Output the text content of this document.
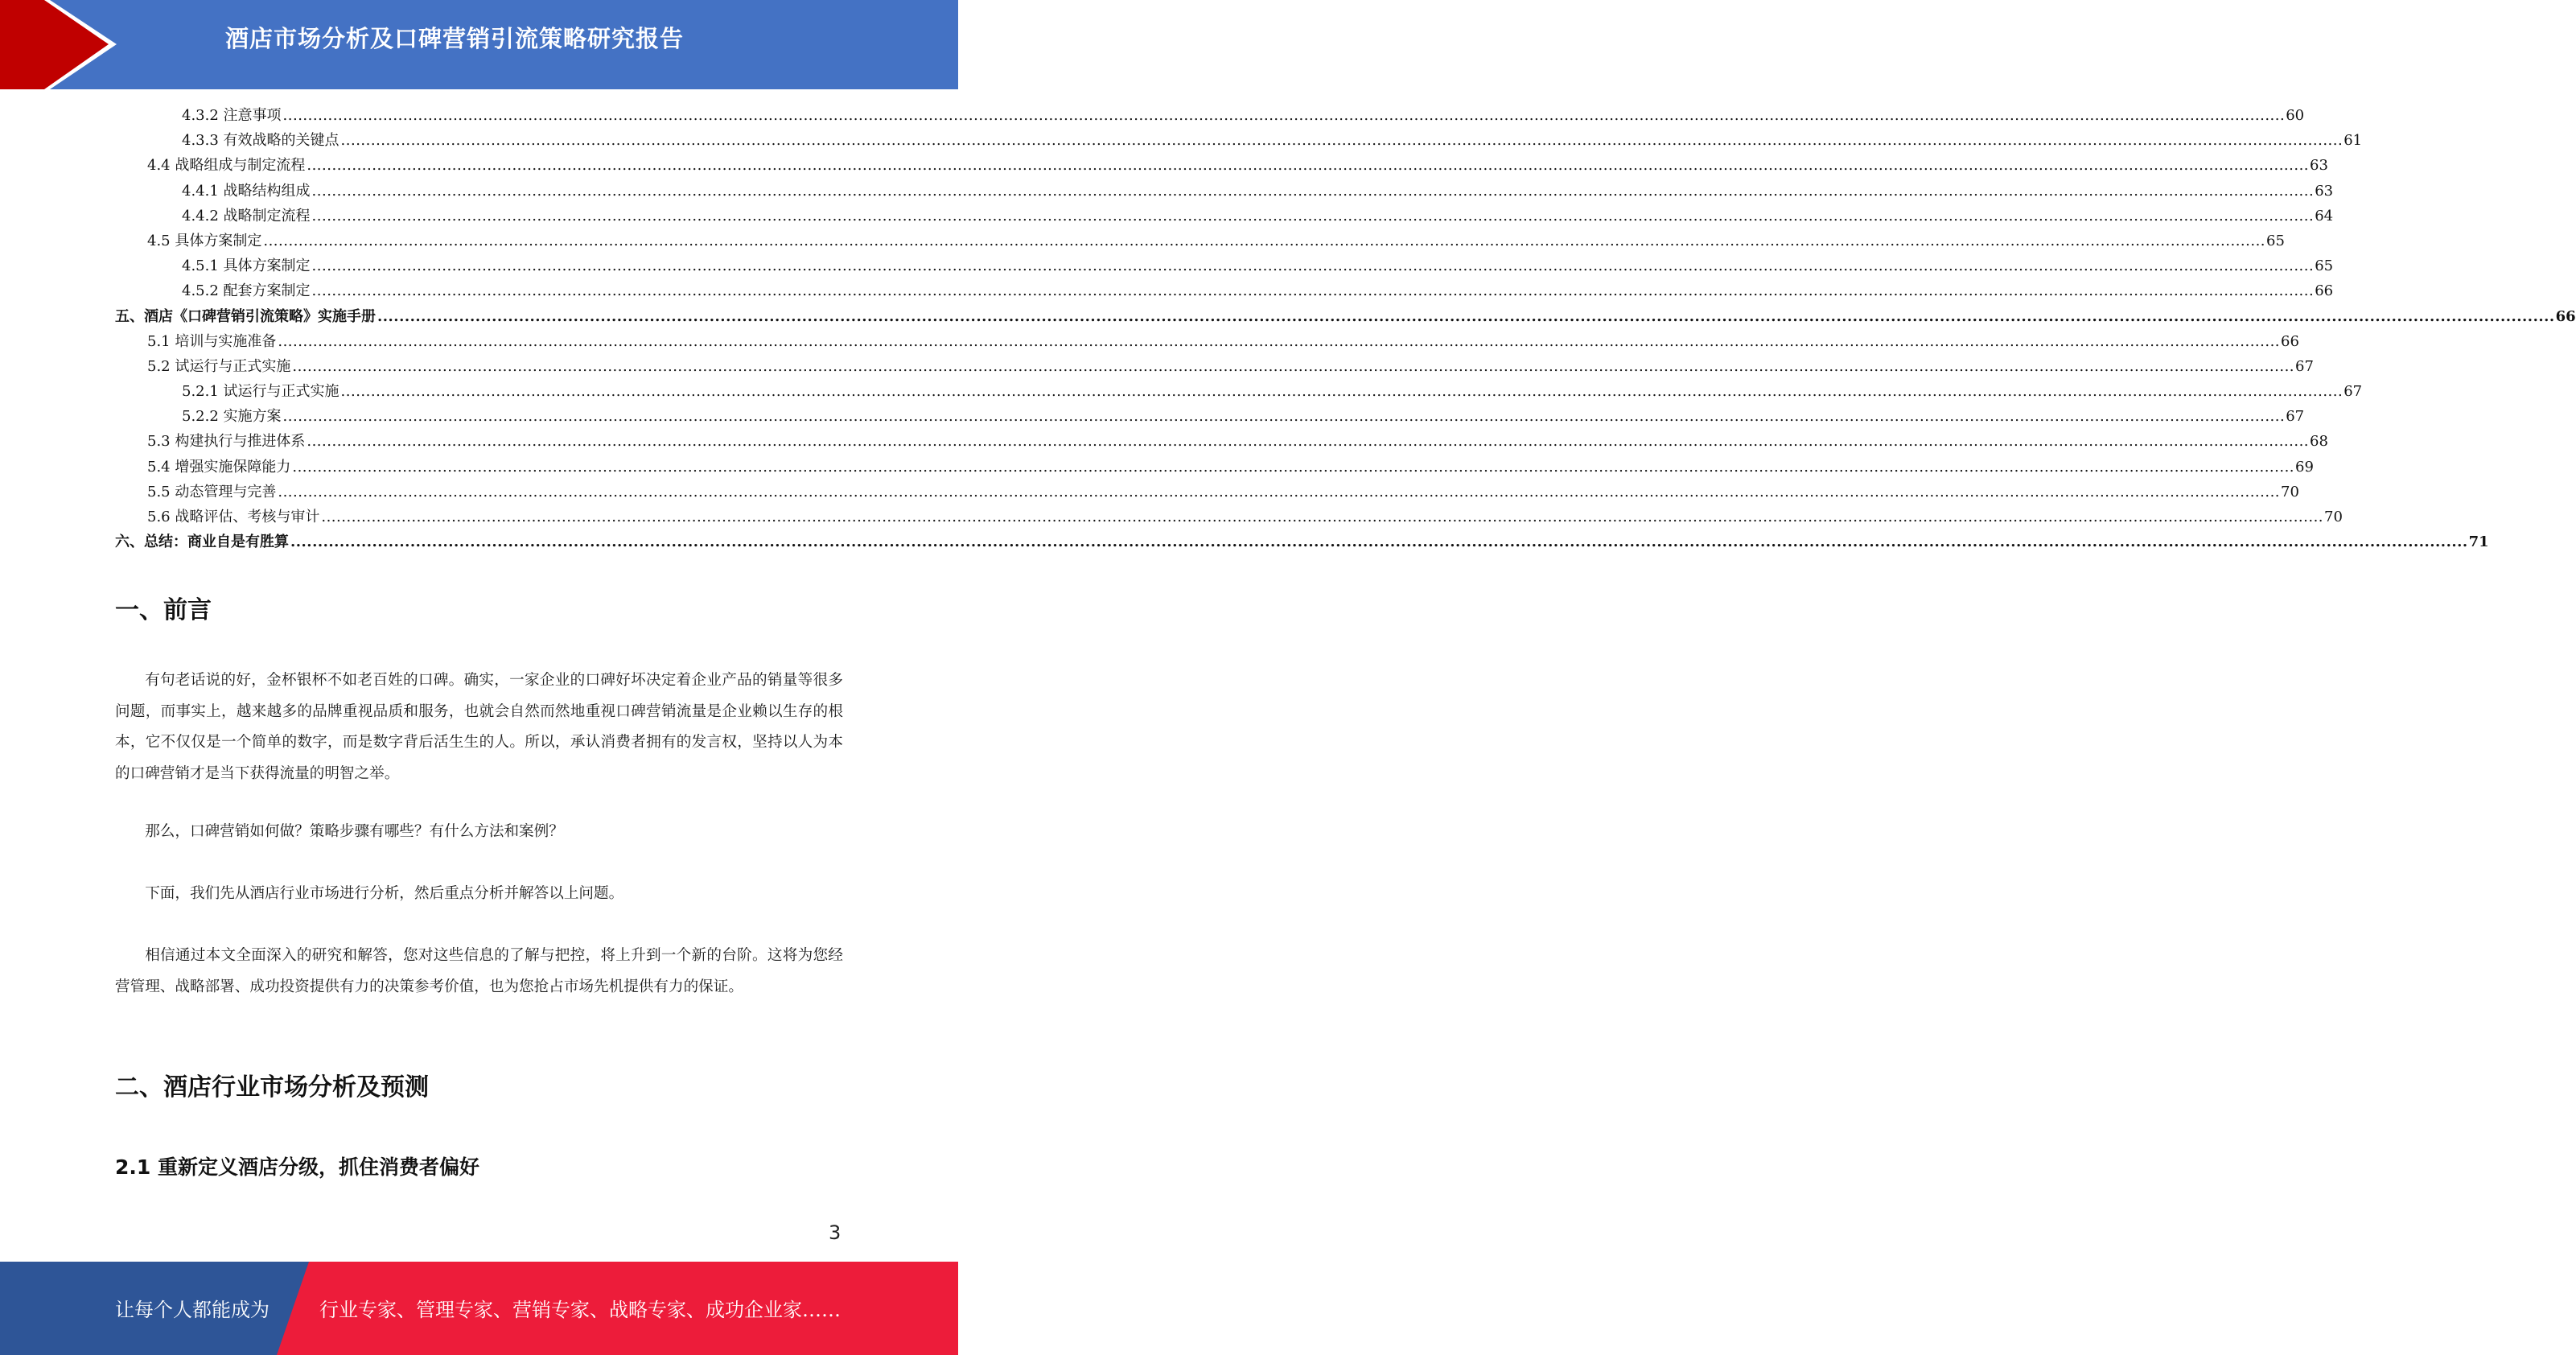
酒店市场分析及口碑营销引流策略研究报告
4.3.2 注意事项 ................................................................................................................................................................................................................................................................................................................................................................................................................ 60
4.3.3 有效战略的关键点 ................................................................................................................................................................................................................................................................................................................................................................................................................ 61
4.4 战略组成与制定流程 ................................................................................................................................................................................................................................................................................................................................................................................................................ 63
4.4.1 战略结构组成 ................................................................................................................................................................................................................................................................................................................................................................................................................ 63
4.4.2 战略制定流程 ................................................................................................................................................................................................................................................................................................................................................................................................................ 64
4.5 具体方案制定 ................................................................................................................................................................................................................................................................................................................................................................................................................ 65
4.5.1 具体方案制定 ................................................................................................................................................................................................................................................................................................................................................................................................................ 65
4.5.2 配套方案制定 ................................................................................................................................................................................................................................................................................................................................................................................................................ 66
五、酒店《口碑营销引流策略》实施手册 ................................................................................................................................................................................................................................................................................................................................................................................................................ 66
5.1 培训与实施准备 ................................................................................................................................................................................................................................................................................................................................................................................................................ 66
5.2 试运行与正式实施 ................................................................................................................................................................................................................................................................................................................................................................................................................ 67
5.2.1 试运行与正式实施 ................................................................................................................................................................................................................................................................................................................................................................................................................ 67
5.2.2 实施方案 ................................................................................................................................................................................................................................................................................................................................................................................................................ 67
5.3 构建执行与推进体系 ................................................................................................................................................................................................................................................................................................................................................................................................................ 68
5.4 增强实施保障能力 ................................................................................................................................................................................................................................................................................................................................................................................................................ 69
5.5 动态管理与完善 ................................................................................................................................................................................................................................................................................................................................................................................................................ 70
5.6 战略评估、考核与审计 ................................................................................................................................................................................................................................................................................................................................................................................................................ 70
六、总结：商业自是有胜算 ................................................................................................................................................................................................................................................................................................................................................................................................................ 71
一、前言

有句老话说的好，金杯银杯不如老百姓的口碑。确实，一家企业的口碑好坏决定着企业产品的销量等很多问题，而事实上，越来越多的品牌重视品质和服务，也就会自然而然地重视口碑营销流量是企业赖以生存的根本，它不仅仅是一个简单的数字，而是数字背后活生生的人。所以，承认消费者拥有的发言权，坚持以人为本的口碑营销才是当下获得流量的明智之举。

那么，口碑营销如何做？策略步骤有哪些？有什么方法和案例？

下面，我们先从酒店行业市场进行分析，然后重点分析并解答以上问题。

相信通过本文全面深入的研究和解答，您对这些信息的了解与把控，将上升到一个新的台阶。这将为您经营管理、战略部署、成功投资提供有力的决策参考价值，也为您抢占市场先机提供有力的保证。

二、酒店行业市场分析及预测
2.1 重新定义酒店分级，抓住消费者偏好
3
让每个人都能成为	行业专家、管理专家、营销专家、战略专家、成功企业家……
